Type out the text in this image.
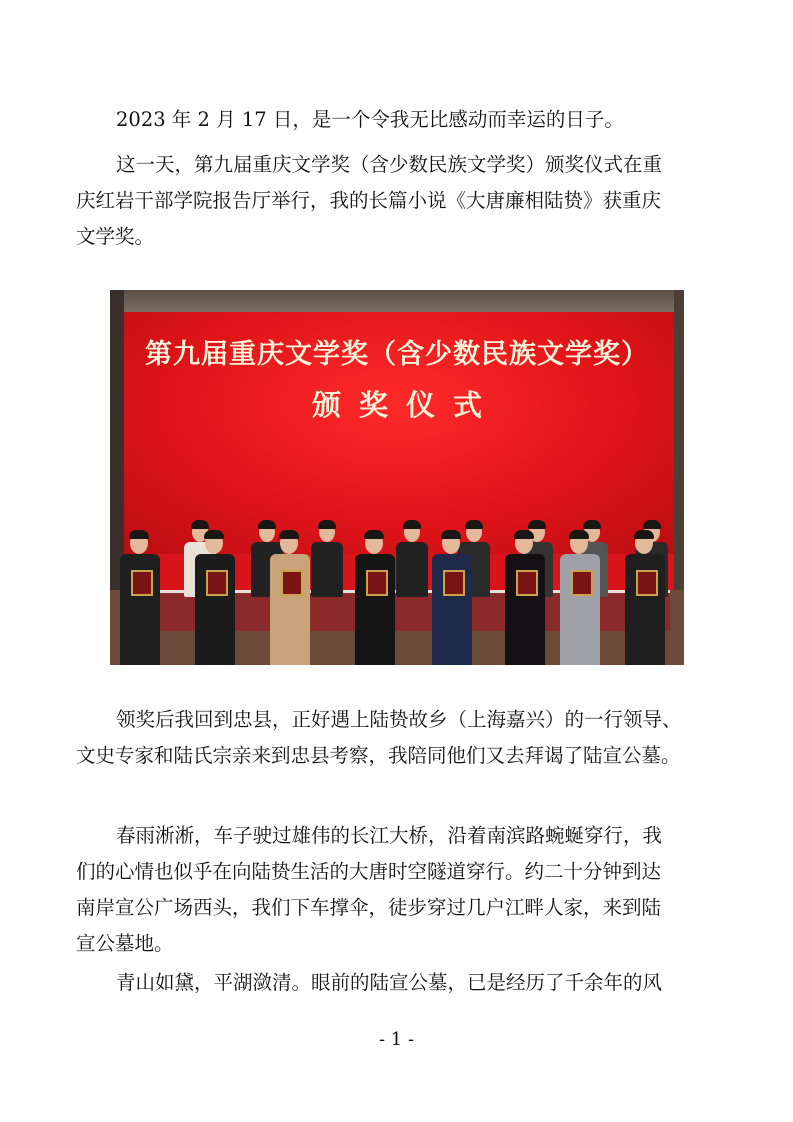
2023 年 2 月 17 日，是一个令我无比感动而幸运的日子。
这一天，第九届重庆文学奖（含少数民族文学奖）颁奖仪式在重
庆红岩干部学院报告厅举行，我的长篇小说《大唐廉相陆贽》获重庆
文学奖。
第九届重庆文学奖（含少数民族文学奖）
颁奖仪式
领奖后我回到忠县，正好遇上陆贽故乡（上海嘉兴）的一行领导、
文史专家和陆氏宗亲来到忠县考察，我陪同他们又去拜谒了陆宣公墓。
春雨淅淅，车子驶过雄伟的长江大桥，沿着南滨路蜿蜒穿行，我
们的心情也似乎在向陆贽生活的大唐时空隧道穿行。约二十分钟到达
南岸宣公广场西头，我们下车撑伞，徒步穿过几户江畔人家，来到陆
宣公墓地。
青山如黛，平湖潋清。眼前的陆宣公墓，已是经历了千余年的风
- 1 -
